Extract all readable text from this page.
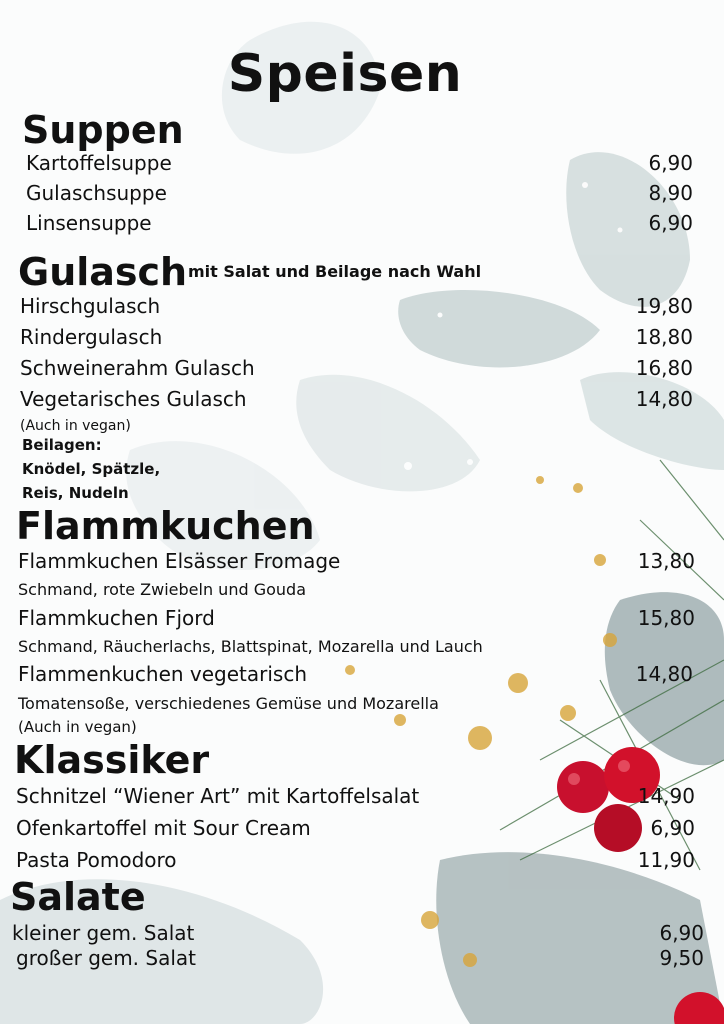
Speisen
Suppen
Kartoffelsuppe	6,90
Gulaschsuppe	8,90
Linsensuppe	6,90
Gulasch mit Salat und Beilage nach Wahl
Hirschgulasch	19,80
Rindergulasch	18,80
Schweinerahm Gulasch	16,80
Vegetarisches Gulasch	14,80
(Auch in vegan)
Beilagen:
Knödel, Spätzle,
Reis, Nudeln
Flammkuchen
Flammkuchen Elsässer Fromage	13,80
Schmand, rote Zwiebeln und Gouda
Flammkuchen Fjord	15,80
Schmand, Räucherlachs, Blattspinat, Mozarella und Lauch
Flammenkuchen vegetarisch	14,80
Tomatensoße, verschiedenes Gemüse und Mozarella
(Auch in vegan)
Klassiker
Schnitzel “Wiener Art” mit Kartoffelsalat	14,90
Ofenkartoffel mit Sour Cream	6,90
Pasta Pomodoro	11,90
Salate
kleiner gem. Salat	6,90
großer gem. Salat	9,50
